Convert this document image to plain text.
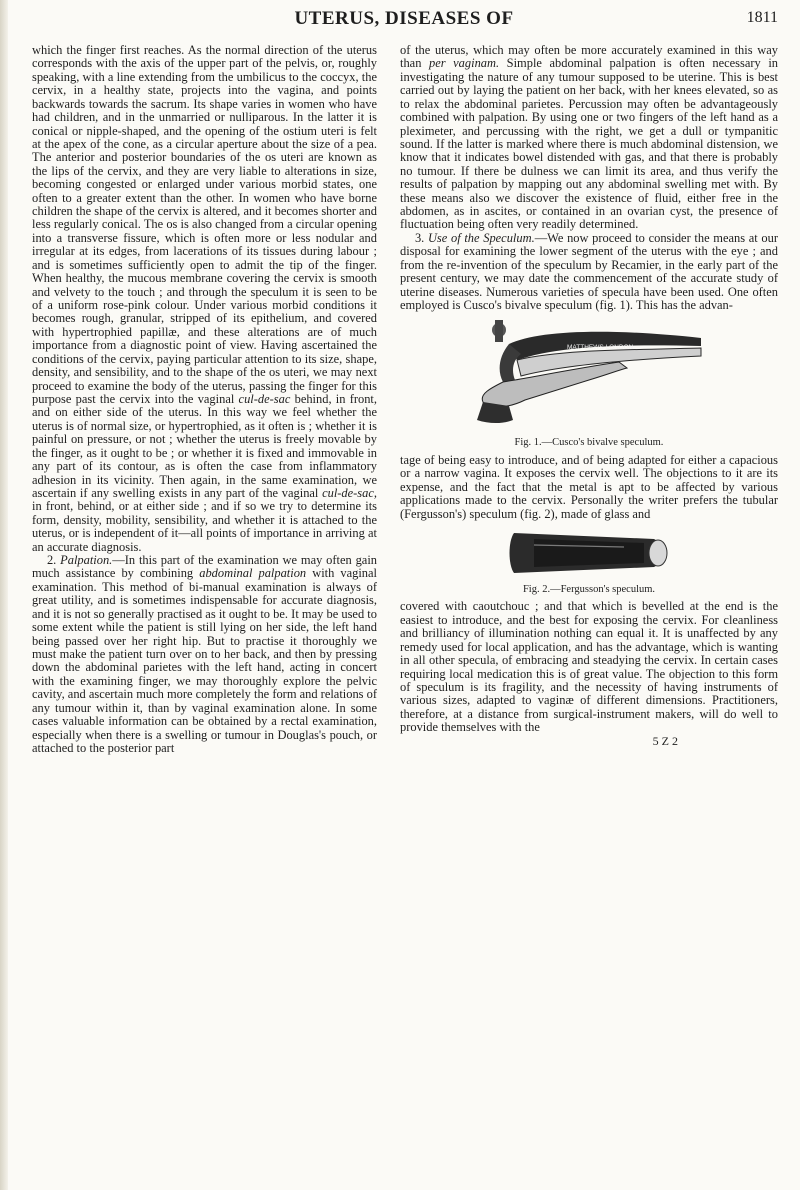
UTERUS, DISEASES OF	1811

which the finger first reaches. As the normal direction of the uterus corresponds with the axis of the upper part of the pelvis, or, roughly speaking, with a line extending from the umbilicus to the coccyx, the cervix, in a healthy state, projects into the vagina, and points backwards towards the sacrum. Its shape varies in women who have had children, and in the unmarried or nulliparous. In the latter it is conical or nipple-shaped, and the opening of the ostium uteri is felt at the apex of the cone, as a circular aperture about the size of a pea. The anterior and posterior boundaries of the os uteri are known as the lips of the cervix, and they are very liable to alterations in size, becoming congested or enlarged under various morbid states, one often to a greater extent than the other. In women who have borne children the shape of the cervix is altered, and it becomes shorter and less regularly conical. The os is also changed from a circular opening into a transverse fissure, which is often more or less nodular and irregular at its edges, from lacerations of its tissues during labour ; and is sometimes sufficiently open to admit the tip of the finger. When healthy, the mucous membrane covering the cervix is smooth and velvety to the touch ; and through the speculum it is seen to be of a uniform rose-pink colour. Under various morbid conditions it becomes rough, granular, stripped of its epithelium, and covered with hypertrophied papillæ, and these alterations are of much importance from a diagnostic point of view. Having ascertained the conditions of the cervix, paying particular attention to its size, shape, density, and sensibility, and to the shape of the os uteri, we may next proceed to examine the body of the uterus, passing the finger for this purpose past the cervix into the vaginal cul-de-sac behind, in front, and on either side of the uterus. In this way we feel whether the uterus is of normal size, or hypertrophied, as it often is ; whether it is painful on pressure, or not ; whether the uterus is freely movable by the finger, as it ought to be ; or whether it is fixed and immovable in any part of its contour, as is often the case from inflammatory adhesion in its vicinity. Then again, in the same examination, we ascertain if any swelling exists in any part of the vaginal cul-de-sac, in front, behind, or at either side ; and if so we try to determine its form, density, mobility, sensibility, and whether it is attached to the uterus, or is independent of it—all points of importance in arriving at an accurate diagnosis.

2. Palpation.—In this part of the examination we may often gain much assistance by combining abdominal palpation with vaginal examination. This method of bi-manual examination is always of great utility, and is sometimes indispensable for accurate diagnosis, and it is not so generally practised as it ought to be. It may be used to some extent while the patient is still lying on her side, the left hand being passed over her right hip. But to practise it thoroughly we must make the patient turn over on to her back, and then by pressing down the abdominal parietes with the left hand, acting in concert with the examining finger, we may thoroughly explore the pelvic cavity, and ascertain much more completely the form and relations of any tumour within it, than by vaginal examination alone. In some cases valuable information can be obtained by a rectal examination, especially when there is a swelling or tumour in Douglas's pouch, or attached to the posterior part

of the uterus, which may often be more accurately examined in this way than per vaginam. Simple abdominal palpation is often necessary in investigating the nature of any tumour supposed to be uterine. This is best carried out by laying the patient on her back, with her knees elevated, so as to relax the abdominal parietes. Percussion may often be advantageously combined with palpation. By using one or two fingers of the left hand as a pleximeter, and percussing with the right, we get a dull or tympanitic sound. If the latter is marked where there is much abdominal distension, we know that it indicates bowel distended with gas, and that there is probably no tumour. If there be dulness we can limit its area, and thus verify the results of palpation by mapping out any abdominal swelling met with. By these means also we discover the existence of fluid, either free in the abdomen, as in ascites, or contained in an ovarian cyst, the presence of fluctuation being often very readily determined.

3. Use of the Speculum.—We now proceed to consider the means at our disposal for examining the lower segment of the uterus with the eye ; and from the re-invention of the speculum by Recamier, in the early part of the present century, we may date the commencement of the accurate study of uterine diseases. Numerous varieties of specula have been used. One often employed is Cusco's bivalve speculum (fig. 1). This has the advan-

MATTHEWS LONDON
Fig. 1.—Cusco's bivalve speculum.

tage of being easy to introduce, and of being adapted for either a capacious or a narrow vagina. It exposes the cervix well. The objections to it are its expense, and the fact that the metal is apt to be affected by various applications made to the cervix. Personally the writer prefers the tubular (Fergusson's) speculum (fig. 2), made of glass and

Fig. 2.—Fergusson's speculum.

covered with caoutchouc ; and that which is bevelled at the end is the easiest to introduce, and the best for exposing the cervix. For cleanliness and brilliancy of illumination nothing can equal it. It is unaffected by any remedy used for local application, and has the advantage, which is wanting in all other specula, of embracing and steadying the cervix. In certain cases requiring local medication this is of great value. The objection to this form of speculum is its fragility, and the necessity of having instruments of various sizes, adapted to vaginæ of different dimensions. Practitioners, therefore, at a distance from surgical-instrument makers, will do well to provide themselves with the

5 Z 2
